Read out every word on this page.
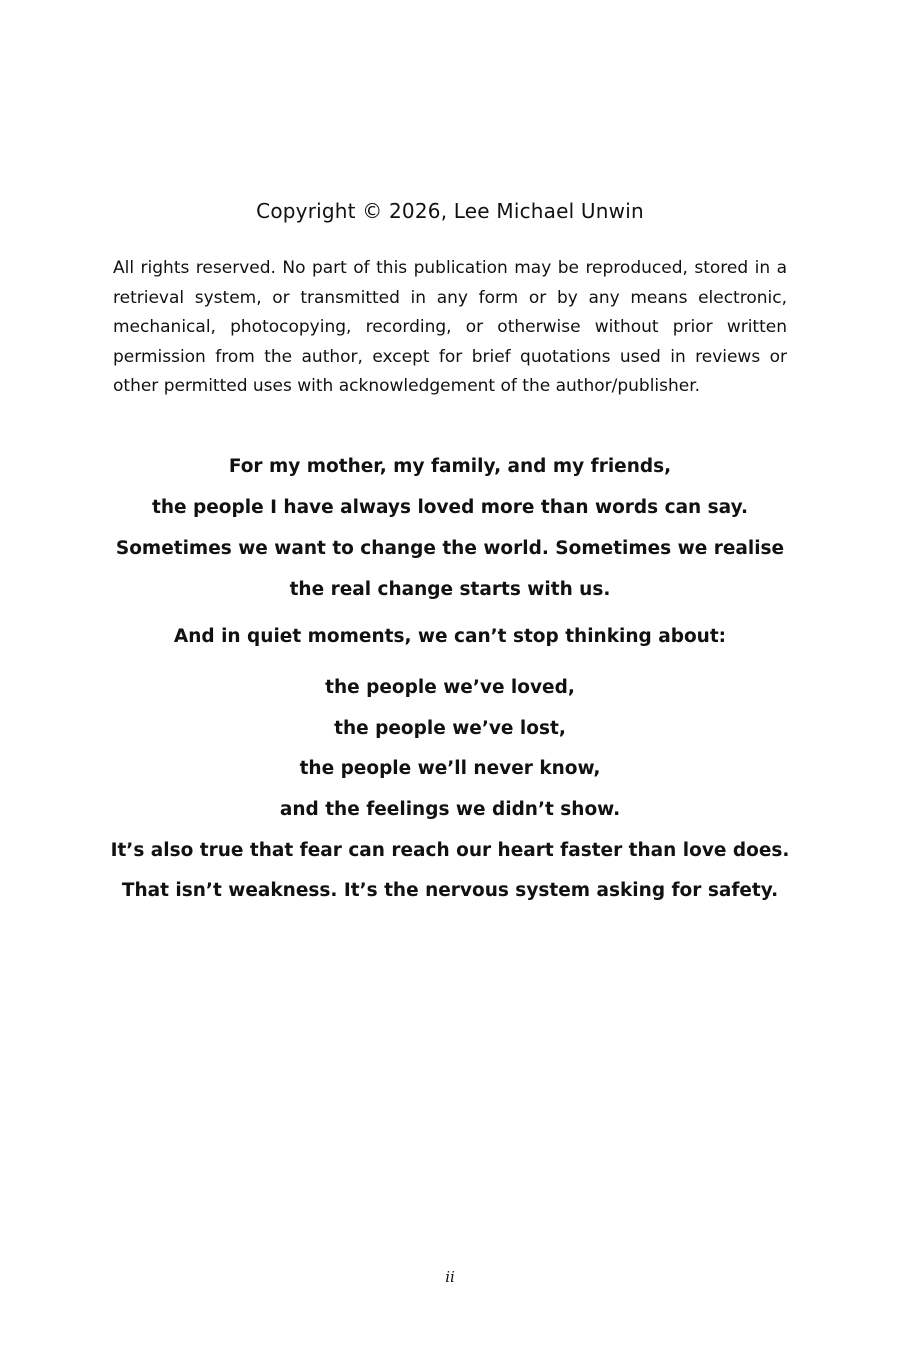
Copyright © 2026, Lee Michael Unwin
All rights reserved. No part of this publication may be reproduced, stored in a retrieval system, or transmitted in any form or by any means electronic, mechanical, photocopying, recording, or otherwise without prior written permission from the author, except for brief quotations used in reviews or other permitted uses with acknowledgement of the author/publisher.
For my mother, my family, and my friends,
the people I have always loved more than words can say.
Sometimes we want to change the world. Sometimes we realise
the real change starts with us.
And in quiet moments, we can’t stop thinking about:
the people we’ve loved,
the people we’ve lost,
the people we’ll never know,
and the feelings we didn’t show.
It’s also true that fear can reach our heart faster than love does.
That isn’t weakness. It’s the nervous system asking for safety.
ii
